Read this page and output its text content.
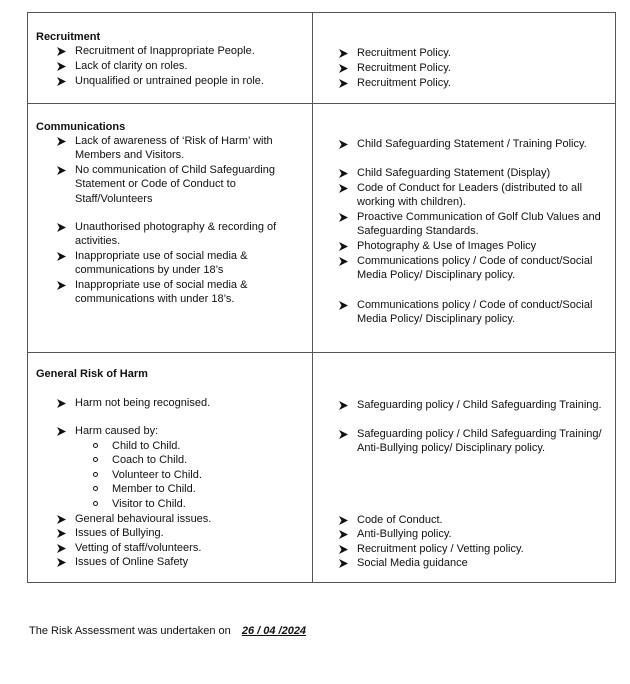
Recruitment
Recruitment of Inappropriate People.
Lack of clarity on roles.
Unqualified or untrained people in role.
Recruitment Policy.
Recruitment Policy.
Recruitment Policy.
Communications
Lack of awareness of ‘Risk of Harm’ with Members and Visitors.
No communication of Child Safeguarding Statement or Code of Conduct to Staff/Volunteers
Unauthorised photography & recording of activities.
Inappropriate use of social media & communications by under 18’s
Inappropriate use of social media & communications with under 18’s.
Child Safeguarding Statement / Training Policy.
Child Safeguarding Statement (Display)
Code of Conduct for Leaders (distributed to all working with children).
Proactive Communication of Golf Club Values and Safeguarding Standards.
Photography & Use of Images Policy
Communications policy / Code of conduct/Social Media Policy/ Disciplinary policy.
Communications policy / Code of conduct/Social Media Policy/ Disciplinary policy.
General Risk of Harm
Harm not being recognised.
Harm caused by:
Child to Child.
Coach to Child.
Volunteer to Child.
Member to Child.
Visitor to Child.
General behavioural issues.
Issues of Bullying.
Vetting of staff/volunteers.
Issues of Online Safety
Safeguarding policy / Child Safeguarding Training.
Safeguarding policy / Child Safeguarding Training/ Anti-Bullying policy/ Disciplinary policy.
Code of Conduct.
Anti-Bullying policy.
Recruitment policy / Vetting policy.
Social Media guidance
The Risk Assessment was undertaken on 26 / 04 /2024
